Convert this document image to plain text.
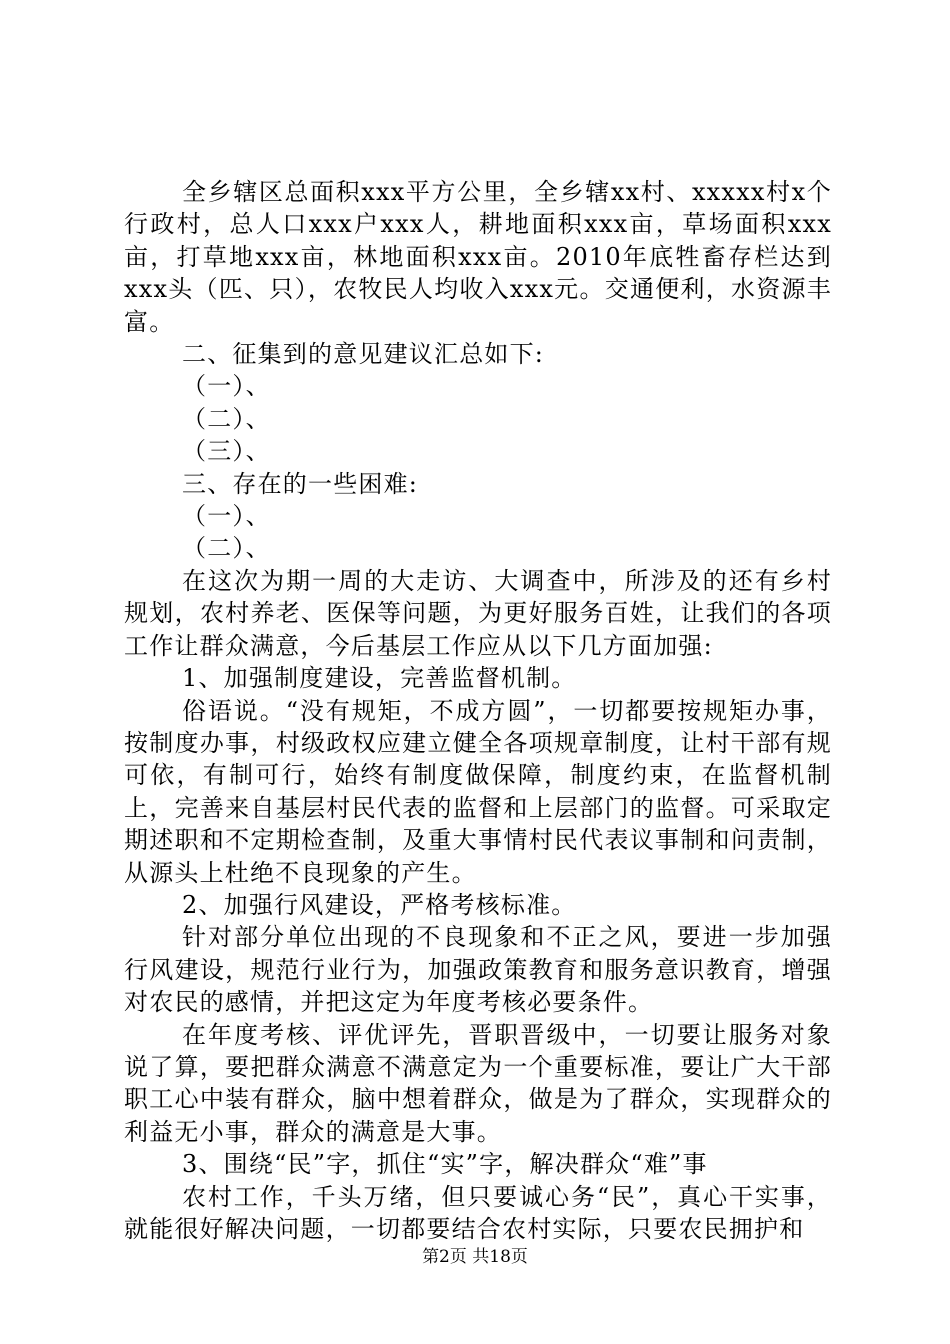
全乡辖区总面积xxx平方公里，全乡辖xx村、xxxxx村x个行政村，总人口xxx户xxx人，耕地面积xxx亩，草场面积xxx亩，打草地xxx亩，林地面积xxx亩。2010年底牲畜存栏达到xxx头（匹、只），农牧民人均收入xxx元。交通便利，水资源丰富。

二、征集到的意见建议汇总如下:

（一）、

（二）、

（三）、

三、存在的一些困难:

（一）、

（二）、

在这次为期一周的大走访、大调查中，所涉及的还有乡村规划，农村养老、医保等问题，为更好服务百姓，让我们的各项工作让群众满意，今后基层工作应从以下几方面加强:

1、加强制度建设，完善监督机制。

俗语说。“没有规矩，不成方圆”，一切都要按规矩办事，按制度办事，村级政权应建立健全各项规章制度，让村干部有规可依，有制可行，始终有制度做保障，制度约束，在监督机制上，完善来自基层村民代表的监督和上层部门的监督。可采取定期述职和不定期检查制，及重大事情村民代表议事制和问责制，从源头上杜绝不良现象的产生。

2、加强行风建设，严格考核标准。

针对部分单位出现的不良现象和不正之风，要进一步加强行风建设，规范行业行为，加强政策教育和服务意识教育，增强对农民的感情，并把这定为年度考核必要条件。

在年度考核、评优评先，晋职晋级中，一切要让服务对象说了算，要把群众满意不满意定为一个重要标准，要让广大干部职工心中装有群众，脑中想着群众，做是为了群众，实现群众的利益无小事，群众的满意是大事。

3、围绕“民”字，抓住“实”字，解决群众“难”事

农村工作，千头万绪，但只要诚心务“民”，真心干实事，就能很好解决问题，一切都要结合农村实际，只要农民拥护和

第2页 共18页
